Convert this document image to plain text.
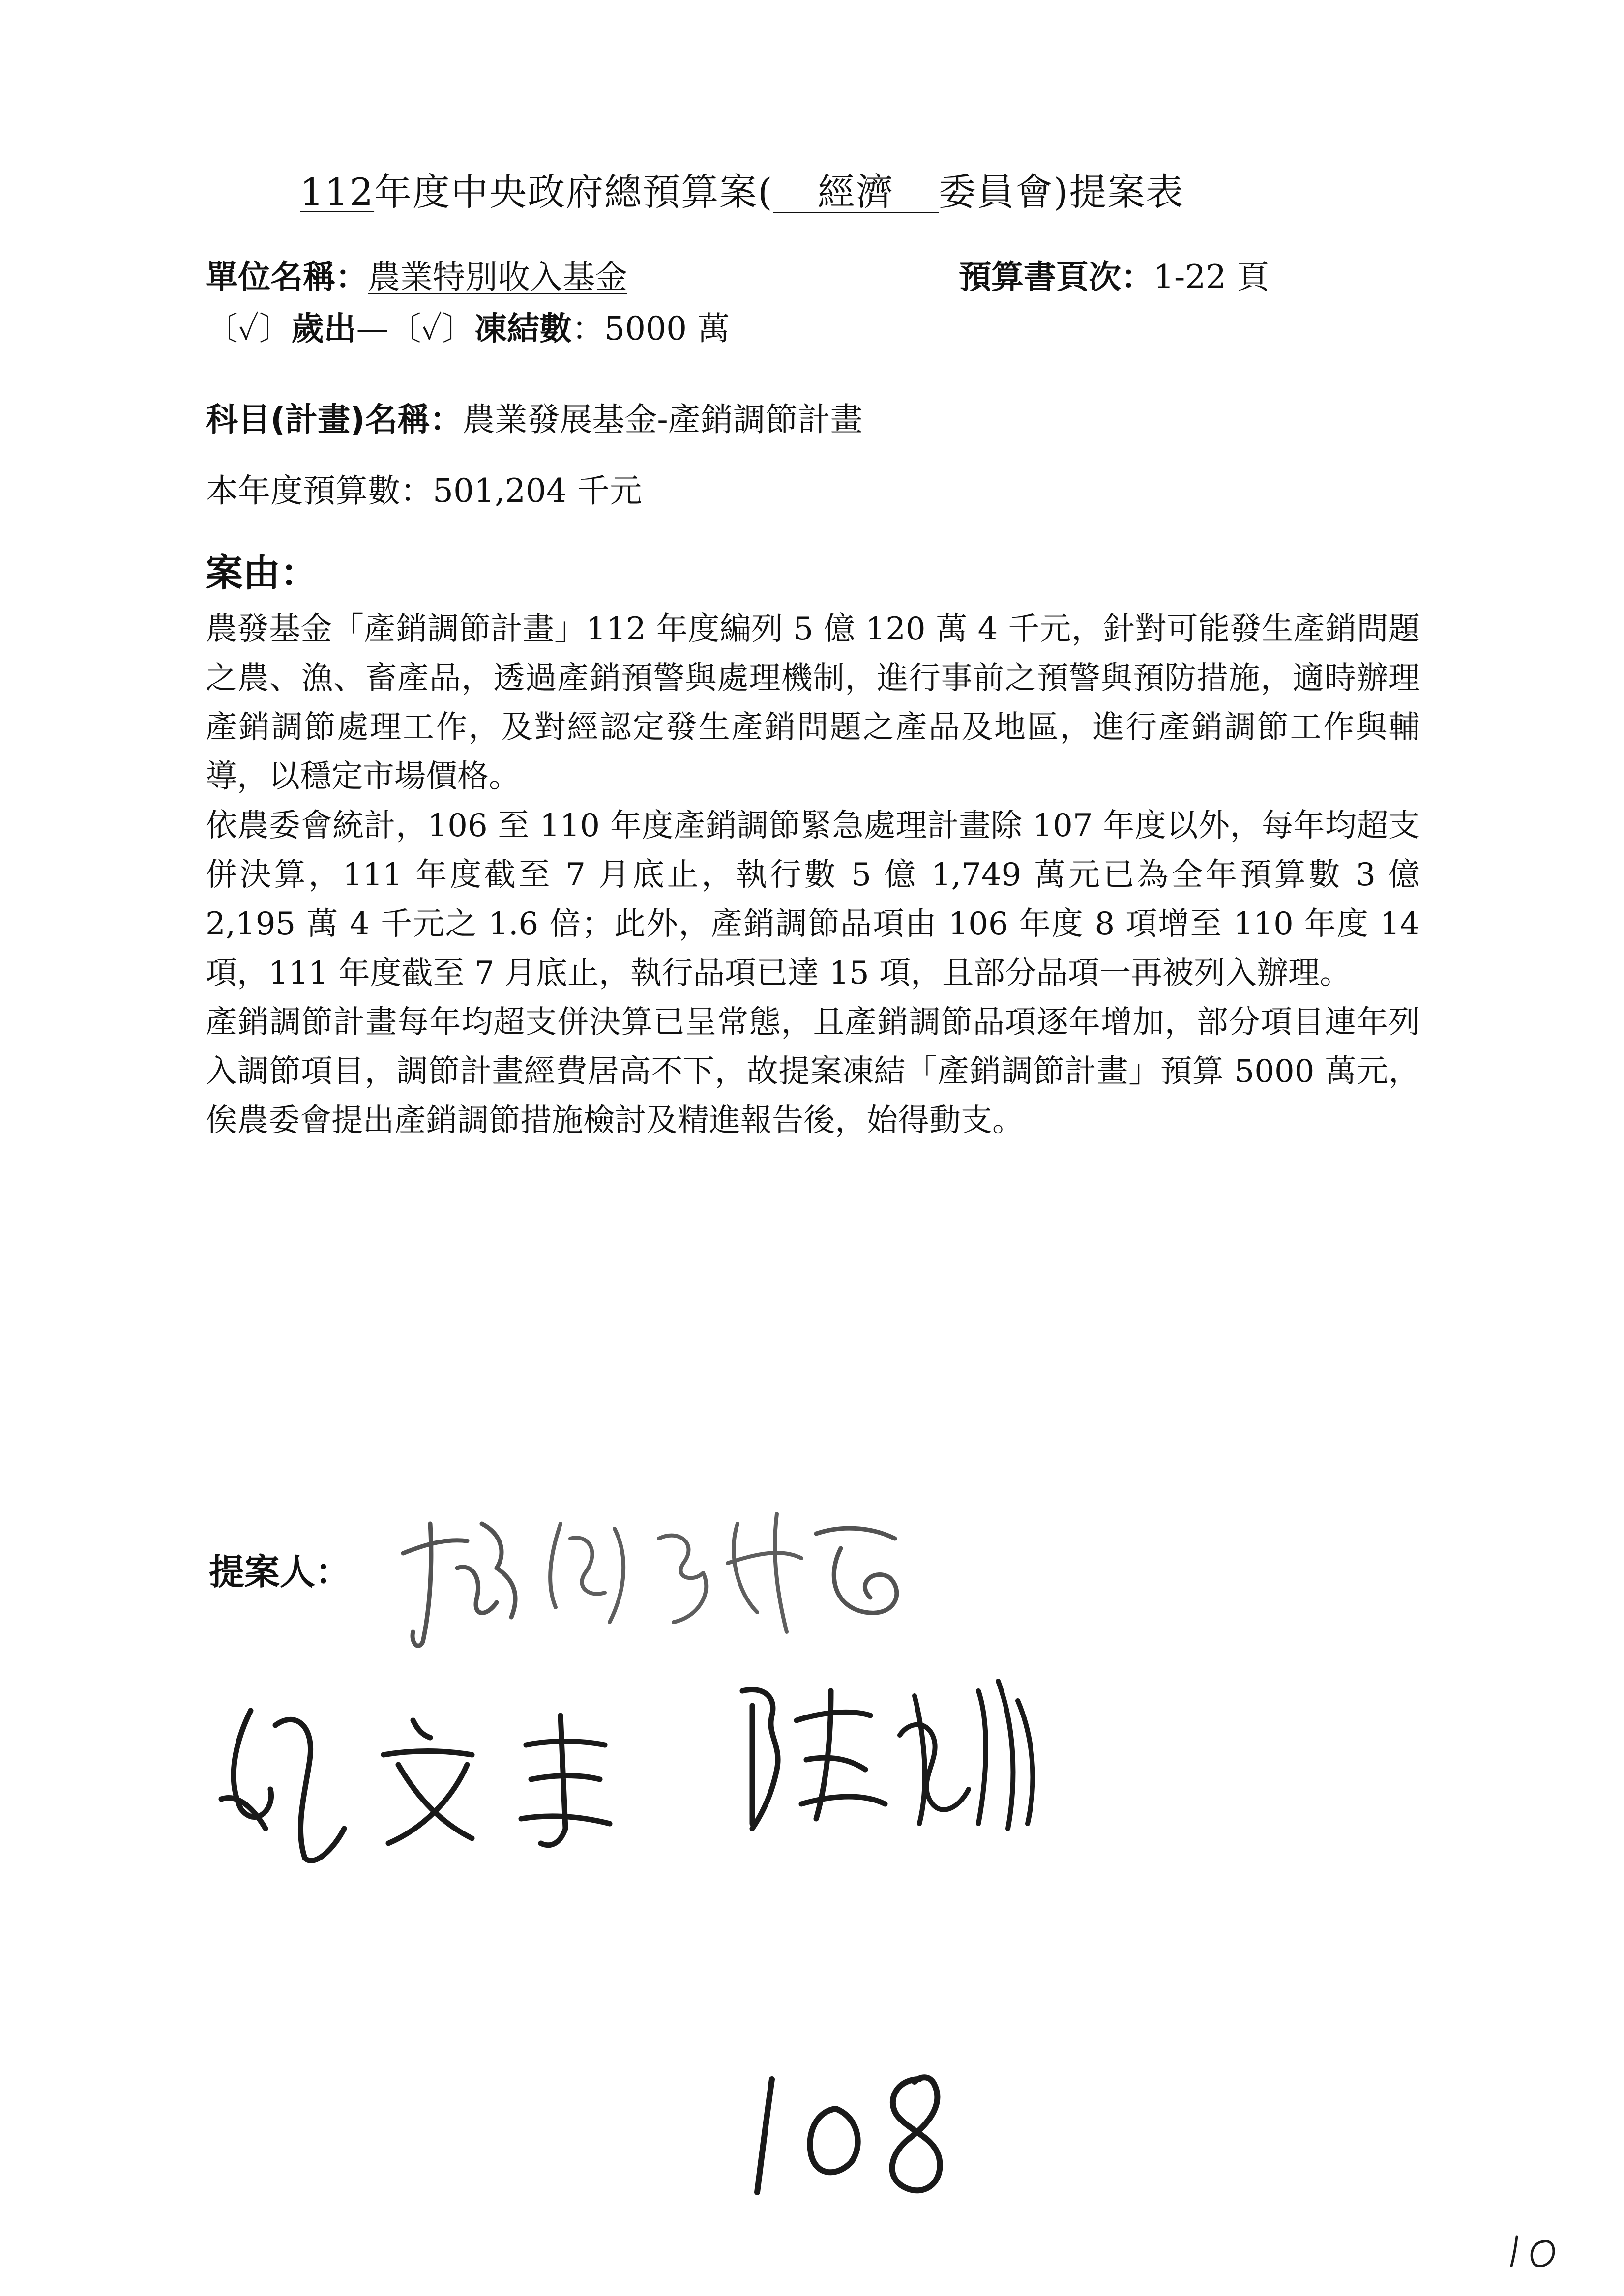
112年度中央政府總預算案( 經濟 委員會)提案表
單位名稱：農業特別收入基金	預算書頁次：1-22 頁
〔✓〕歲出—〔✓〕凍結數：5000 萬
科目(計畫)名稱：農業發展基金-產銷調節計畫
本年度預算數：501,204 千元
案由：

農發基金「產銷調節計畫」112 年度編列 5 億 120 萬 4 千元，針對可能發生產銷問題之農、漁、畜產品，透過產銷預警與處理機制，進行事前之預警與預防措施，適時辦理產銷調節處理工作，及對經認定發生產銷問題之產品及地區，進行產銷調節工作與輔導，以穩定市場價格。

依農委會統計，106 至 110 年度產銷調節緊急處理計畫除 107 年度以外，每年均超支併決算，111 年度截至 7 月底止，執行數 5 億 1,749 萬元已為全年預算數 3 億 2,195 萬 4 千元之 1.6 倍；此外，產銷調節品項由 106 年度 8 項增至 110 年度 14 項，111 年度截至 7 月底止，執行品項已達 15 項，且部分品項一再被列入辦理。

產銷調節計畫每年均超支併決算已呈常態，且產銷調節品項逐年增加，部分項目連年列入調節項目，調節計畫經費居高不下，故提案凍結「產銷調節計畫」預算 5000 萬元，俟農委會提出產銷調節措施檢討及精進報告後，始得動支。

提案人：
